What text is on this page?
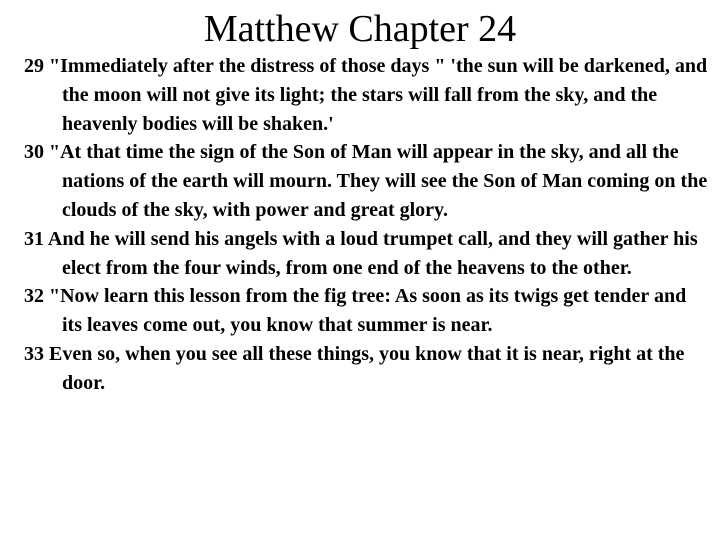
Matthew Chapter 24
29 "Immediately after the distress of those days " 'the sun will be darkened, and the moon will not give its light; the stars will fall from the sky, and the heavenly bodies will be shaken.'
30 "At that time the sign of the Son of Man will appear in the sky, and all the nations of the earth will mourn. They will see the Son of Man coming on the clouds of the sky, with power and great glory.
31 And he will send his angels with a loud trumpet call, and they will gather his elect from the four winds, from one end of the heavens to the other.
32 "Now learn this lesson from the fig tree: As soon as its twigs get tender and its leaves come out, you know that summer is near.
33 Even so, when you see all these things, you know that it is near, right at the door.
